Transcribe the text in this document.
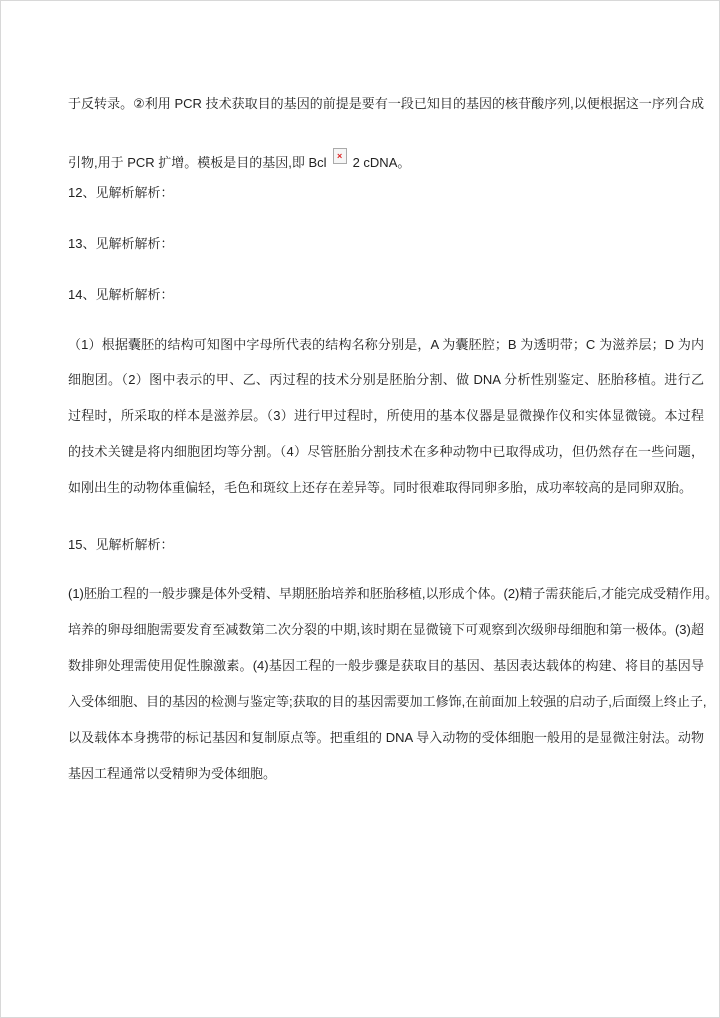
于反转录。②利用 PCR 技术获取目的基因的前提是要有一段已知目的基因的核苷酸序列,以便根据这一序列合成
引物,用于 PCR 扩增。模板是目的基因,即 Bcl × 2 cDNA。
12、见解析解析：
13、见解析解析：
14、见解析解析：
（1）根据囊胚的结构可知图中字母所代表的结构名称分别是，A 为囊胚腔；B 为透明带；C 为滋养层；D 为内
细胞团。（2）图中表示的甲、乙、丙过程的技术分别是胚胎分割、做 DNA 分析性别鉴定、胚胎移植。进行乙
过程时，所采取的样本是滋养层。（3）进行甲过程时，所使用的基本仪器是显微操作仪和实体显微镜。本过程
的技术关键是将内细胞团均等分割。（4）尽管胚胎分割技术在多种动物中已取得成功，但仍然存在一些问题，
如刚出生的动物体重偏轻，毛色和斑纹上还存在差异等。同时很难取得同卵多胎，成功率较高的是同卵双胎。
15、见解析解析：
(1)胚胎工程的一般步骤是体外受精、早期胚胎培养和胚胎移植,以形成个体。(2)精子需获能后,才能完成受精作用。
培养的卵母细胞需要发育至减数第二次分裂的中期,该时期在显微镜下可观察到次级卵母细胞和第一极体。(3)超
数排卵处理需使用促性腺激素。(4)基因工程的一般步骤是获取目的基因、基因表达载体的构建、将目的基因导
入受体细胞、目的基因的检测与鉴定等;获取的目的基因需要加工修饰,在前面加上较强的启动子,后面缀上终止子,
以及载体本身携带的标记基因和复制原点等。把重组的 DNA 导入动物的受体细胞一般用的是显微注射法。动物
基因工程通常以受精卵为受体细胞。
